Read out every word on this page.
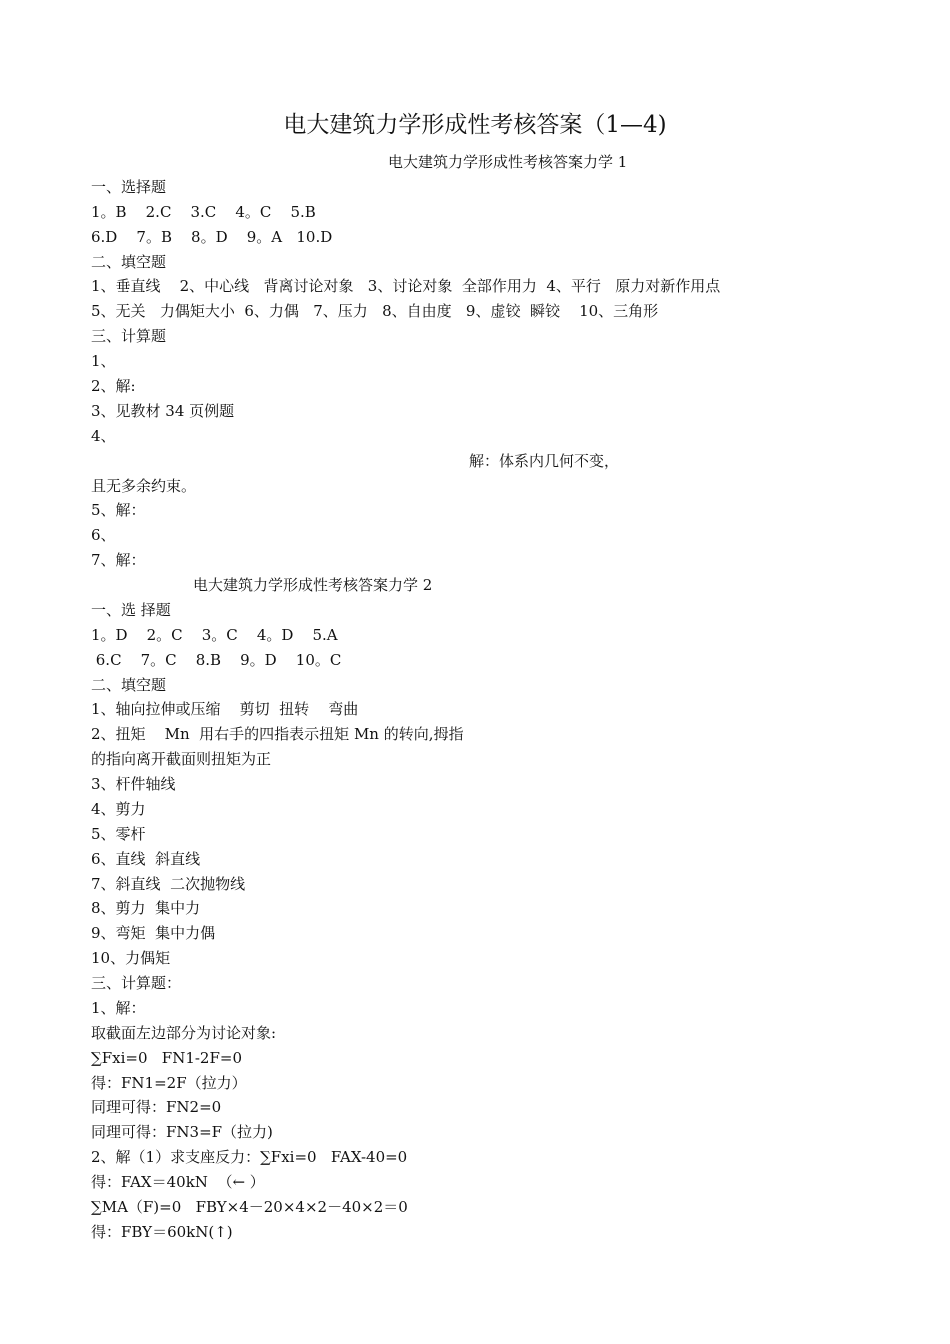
电大建筑力学形成性考核答案（1—4)
电大建筑力学形成性考核答案力学 1
一、选择题
1。B    2.C    3.C    4。C    5.B
6.D    7。B    8。D    9。A   10.D
二、填空题
1、垂直线    2、中心线   背离讨论对象   3、讨论对象  全部作用力  4、平行   原力对新作用点
5、无关   力偶矩大小  6、力偶   7、压力   8、自由度   9、虚铰  瞬铰    10、三角形
三、计算题
1、
2、解:
3、见教材 34 页例题
4、
解：体系内几何不变，
且无多余约束。
5、解：
6、
7、解：
电大建筑力学形成性考核答案力学 2
一、选 择题
1。D    2。C    3。C    4。D    5.A
6.C    7。C    8.B    9。D    10。C
二、填空题
1、轴向拉伸或压缩    剪切  扭转    弯曲
2、扭矩    Mn  用右手的四指表示扭矩 Mn 的转向,拇指
的指向离开截面则扭矩为正
3、杆件轴线
4、剪力
5、零杆
6、直线  斜直线
7、斜直线  二次抛物线
8、剪力  集中力
9、弯矩  集中力偶
10、力偶矩
三、计算题：
1、解：
取截面左边部分为讨论对象:
∑Fxi=0   FN1-2F=0
得：FN1=2F（拉力）
同理可得：FN2=0
同理可得：FN3=F（拉力)
2、解（1）求支座反力：∑Fxi=0   FAX-40=0
得：FAX＝40kN  （← ）
∑MA（F)=0   FBY×4－20×4×2－40×2＝0
得：FBY＝60kN(↑)
